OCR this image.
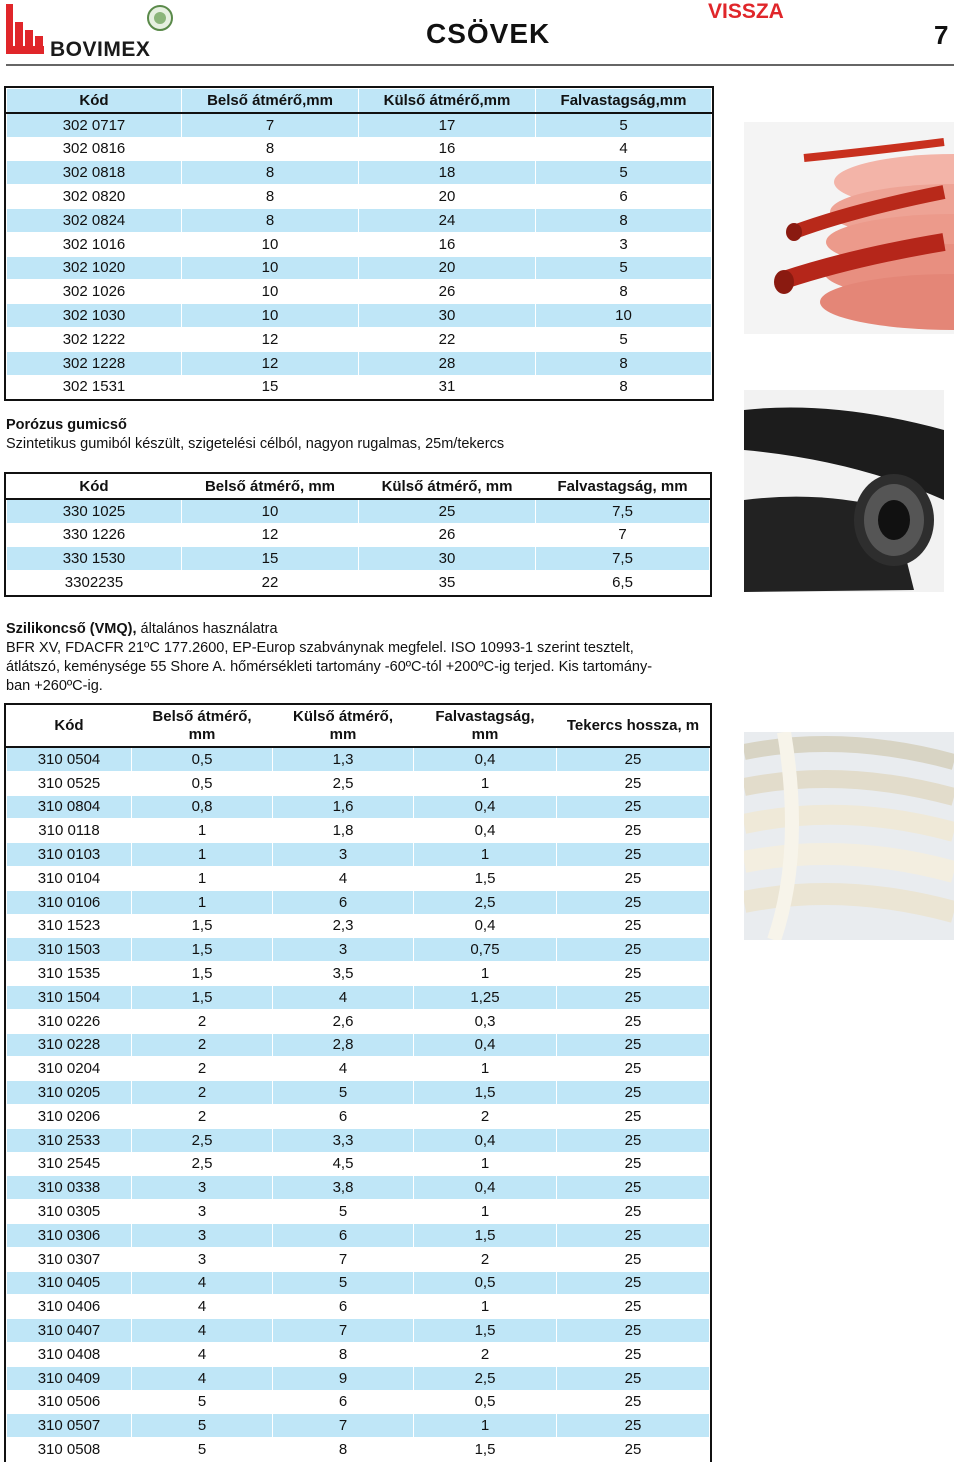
BOVIMEX
CSÖVEK
VISSZA
7
Kód	Belső átmérő,mm	Külső átmérő,mm	Falvastagság,mm
302 0717	7	17	5
302 0816	8	16	4
302 0818	8	18	5
302 0820	8	20	6
302 0824	8	24	8
302 1016	10	16	3
302 1020	10	20	5
302 1026	10	26	8
302 1030	10	30	10
302 1222	12	22	5
302 1228	12	28	8
302 1531	15	31	8
Porózus gumicső
Szintetikus gumiból készült, szigetelési célból, nagyon rugalmas, 25m/tekercs
Kód	Belső átmérő, mm	Külső átmérő, mm	Falvastagság, mm
330 1025	10	25	7,5
330 1226	12	26	7
330 1530	15	30	7,5
3302235	22	35	6,5
Szilikoncső (VMQ), általános használatra
BFR XV, FDACFR 21ºC 177.2600, EP-Europ szabványnak megfelel. ISO 10993-1 szerint tesztelt,
átlátszó, keménysége 55 Shore A. hőmérsékleti tartomány -60ºC-tól +200ºC-ig terjed. Kis tartomány-
ban +260ºC-ig.
Kód	Belső átmérő, mm	Külső átmérő, mm	Falvastagság, mm	Tekercs hossza, m
310 0504	0,5	1,3	0,4	25
310 0525	0,5	2,5	1	25
310 0804	0,8	1,6	0,4	25
310 0118	1	1,8	0,4	25
310 0103	1	3	1	25
310 0104	1	4	1,5	25
310 0106	1	6	2,5	25
310 1523	1,5	2,3	0,4	25
310 1503	1,5	3	0,75	25
310 1535	1,5	3,5	1	25
310 1504	1,5	4	1,25	25
310 0226	2	2,6	0,3	25
310 0228	2	2,8	0,4	25
310 0204	2	4	1	25
310 0205	2	5	1,5	25
310 0206	2	6	2	25
310 2533	2,5	3,3	0,4	25
310 2545	2,5	4,5	1	25
310 0338	3	3,8	0,4	25
310 0305	3	5	1	25
310 0306	3	6	1,5	25
310 0307	3	7	2	25
310 0405	4	5	0,5	25
310 0406	4	6	1	25
310 0407	4	7	1,5	25
310 0408	4	8	2	25
310 0409	4	9	2,5	25
310 0506	5	6	0,5	25
310 0507	5	7	1	25
310 0508	5	8	1,5	25
